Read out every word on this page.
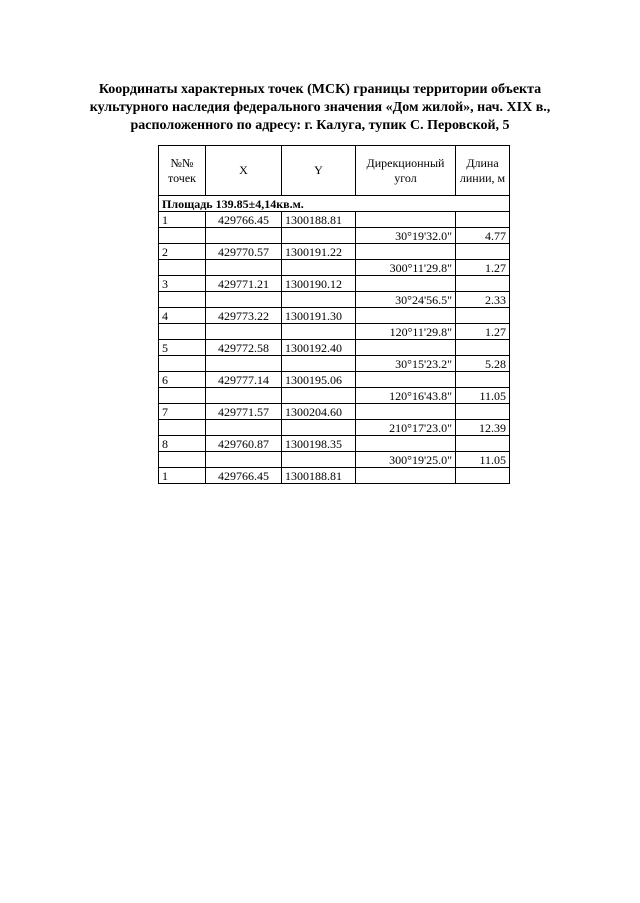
Координаты характерных точек (МСК) границы территории объекта
культурного наследия федерального значения «Дом жилой», нач. XIX в.,
расположенного по адресу: г. Калуга, тупик С. Перовской, 5
№№ точек	X	Y	Дирекционный угол	Длина линии, м
Площадь 139.85±4,14кв.м.				
1	429766.45	1300188.81		
			30°19'32.0"	4.77
2	429770.57	1300191.22		
			300°11'29.8"	1.27
3	429771.21	1300190.12		
			30°24'56.5"	2.33
4	429773.22	1300191.30		
			120°11'29.8"	1.27
5	429772.58	1300192.40		
			30°15'23.2"	5.28
6	429777.14	1300195.06		
			120°16'43.8"	11.05
7	429771.57	1300204.60		
			210°17'23.0"	12.39
8	429760.87	1300198.35		
			300°19'25.0"	11.05
1	429766.45	1300188.81		
